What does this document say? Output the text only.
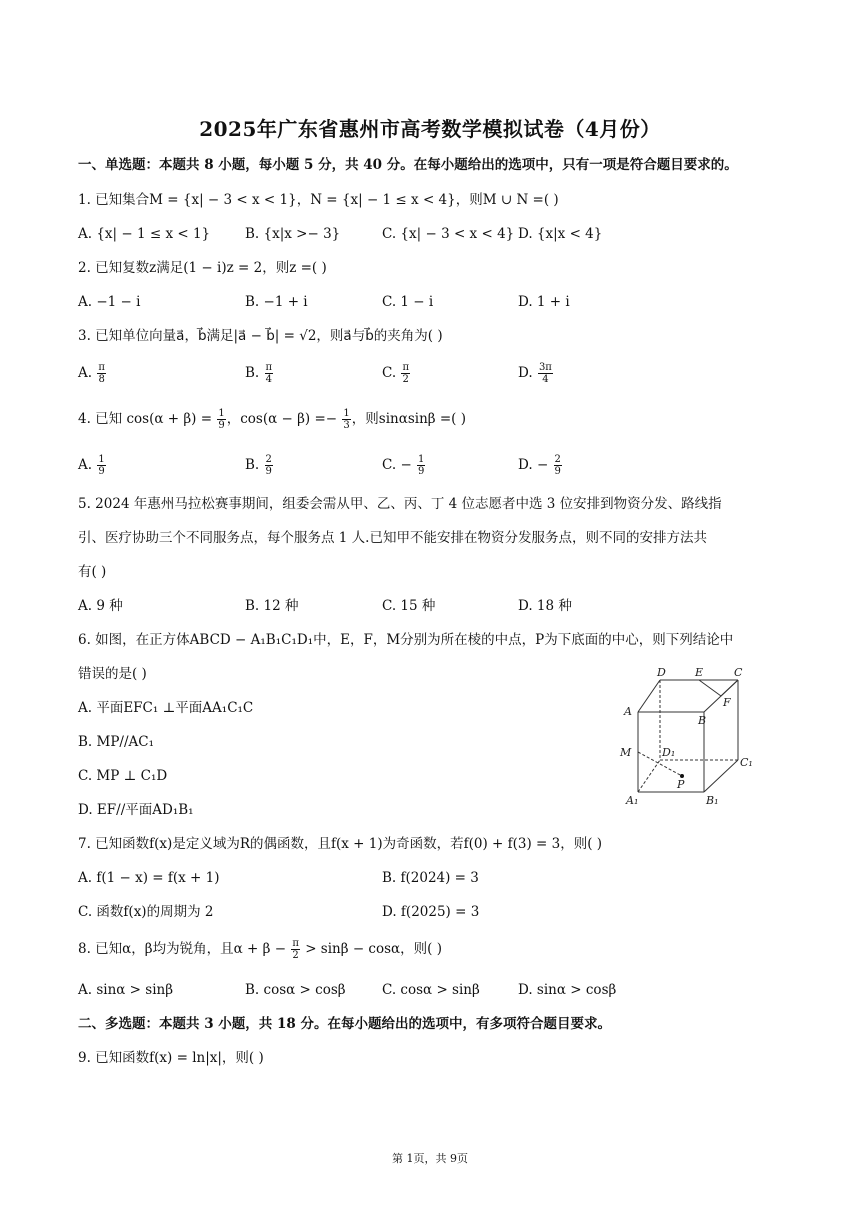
2025年广东省惠州市高考数学模拟试卷（4月份）
一、单选题：本题共 8 小题，每小题 5 分，共 40 分。在每小题给出的选项中，只有一项是符合题目要求的。
1. 已知集合M = {x| − 3 < x < 1}，N = {x| − 1 ≤ x < 4}，则M ∪ N =( )
A. {x| − 1 ≤ x < 1}	B. {x|x >− 3}	C. {x| − 3 < x < 4} D. {x|x < 4}
2. 已知复数z满足(1 − i)z = 2，则z =( )
A. −1 − i	B. −1 + i	C. 1 − i	D. 1 + i
3. 已知单位向量a⃗，b⃗满足|a⃗ − b⃗| = √2，则a⃗与b⃗的夹角为( )
A. $\frac{\pi}{8}$	B. $\frac{\pi}{4}$	C. $\frac{\pi}{2}$	D. $\frac{3\pi}{4}$
4. 已知 $\cos(\alpha + \beta) = \frac{1}{9}$ ，$\cos(\alpha - \beta) =- \frac{1}{3}$ ，则sinαsinβ =( )
A. $\frac{1}{9}$	B. $\frac{2}{9}$	C. − $\frac{1}{9}$	D. − $\frac{2}{9}$
5. 2024 年惠州马拉松赛事期间，组委会需从甲、乙、丙、丁 4 位志愿者中选 3 位安排到物资分发、路线指
引、医疗协助三个不同服务点，每个服务点 1 人.已知甲不能安排在物资分发服务点，则不同的安排方法共
有( )
A. 9 种	B. 12 种	C. 15 种	D. 18 种
6. 如图，在正方体ABCD − A₁B₁C₁D₁中，E，F，M分别为所在棱的中点，P为下底面的中心，则下列结论中
错误的是( )
A. 平面EFC₁ ⊥平面AA₁C₁C
B. MP//AC₁
C. MP ⊥ C₁D
D. EF//平面AD₁B₁
D	E	C
A
B
F
M	D₁
C₁
P
A₁	B₁
7. 已知函数f(x)是定义域为R的偶函数，且f(x + 1)为奇函数，若f(0) + f(3) = 3，则( )
A. f(1 − x) = f(x + 1)	B. f(2024) = 3
C. 函数f(x)的周期为 2	D. f(2025) = 3
8. 已知α，β均为锐角，且$\alpha + \beta - \frac{\pi}{2} > \sin\beta - \cos\alpha$，则( )
A. sinα > sinβ	B. cosα > cosβ	C. cosα > sinβ	D. sinα > cosβ
二、多选题：本题共 3 小题，共 18 分。在每小题给出的选项中，有多项符合题目要求。
9. 已知函数f(x) = ln|x|，则( )
第 1页，共 9页
